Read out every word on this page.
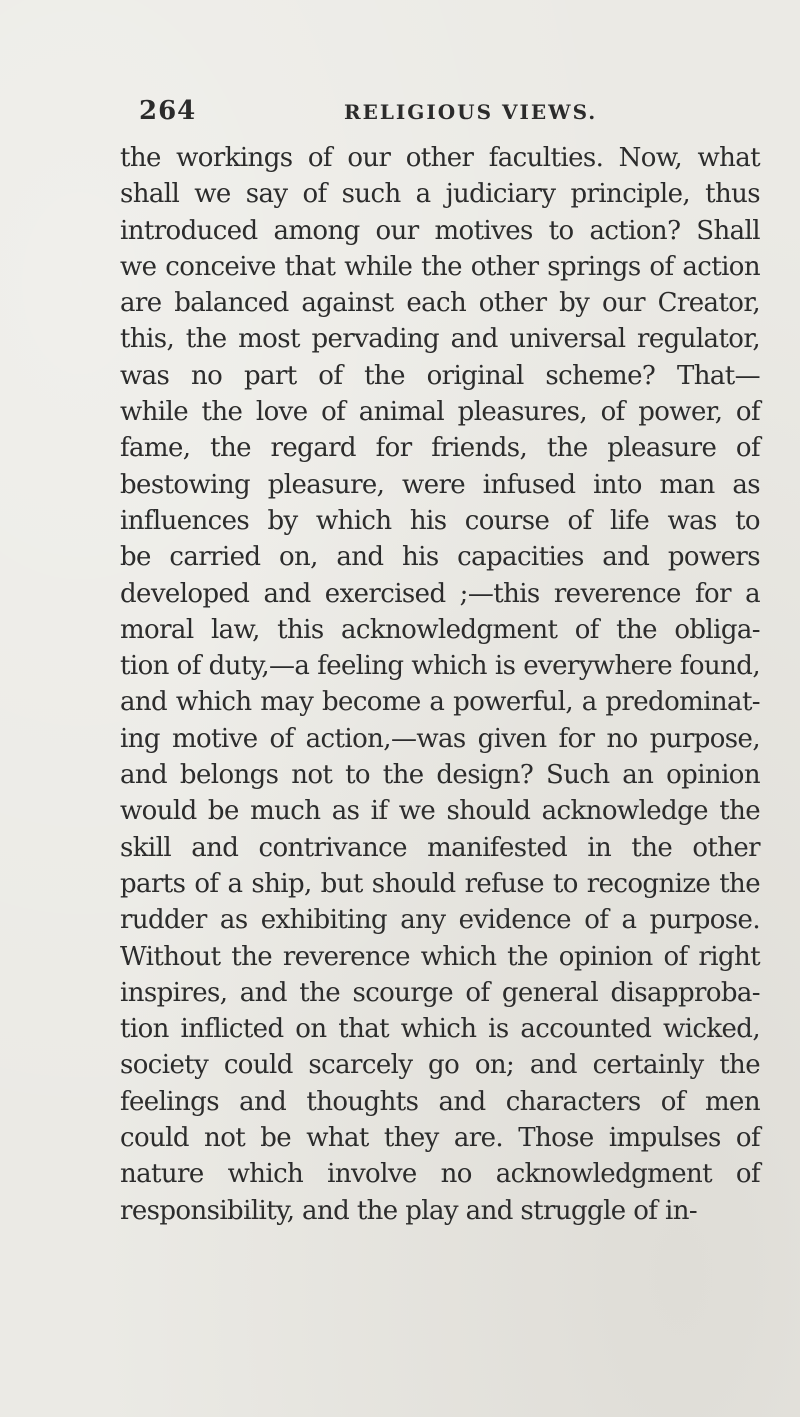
264	RELIGIOUS VIEWS.
the workings of our other faculties. Now, what
shall we say of such a judiciary principle, thus
introduced among our motives to action? Shall
we conceive that while the other springs of action
are balanced against each other by our Creator,
this, the most pervading and universal regulator,
was no part of the original scheme? That—
while the love of animal pleasures, of power, of
fame, the regard for friends, the pleasure of
bestowing pleasure, were infused into man as
influences by which his course of life was to
be carried on, and his capacities and powers
developed and exercised ;—this reverence for a
moral law, this acknowledgment of the obliga-
tion of duty,—a feeling which is everywhere found,
and which may become a powerful, a predominat-
ing motive of action,—was given for no purpose,
and belongs not to the design? Such an opinion
would be much as if we should acknowledge the
skill and contrivance manifested in the other
parts of a ship, but should refuse to recognize the
rudder as exhibiting any evidence of a purpose.
Without the reverence which the opinion of right
inspires, and the scourge of general disapproba-
tion inflicted on that which is accounted wicked,
society could scarcely go on; and certainly the
feelings and thoughts and characters of men
could not be what they are. Those impulses of
nature which involve no acknowledgment of
responsibility, and the play and struggle of in-
